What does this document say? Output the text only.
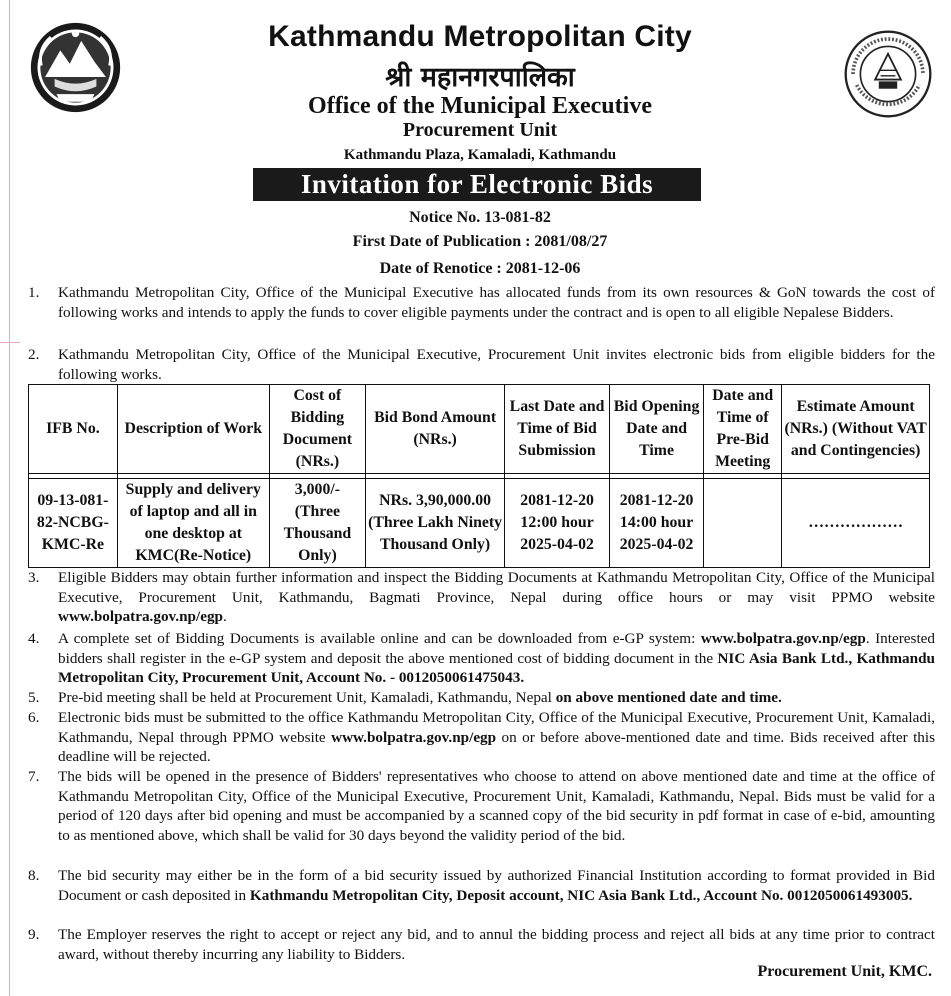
Kathmandu Metropolitan City
श्री महानगरपालिका
Office of the Municipal Executive
Procurement Unit
Kathmandu Plaza, Kamaladi, Kathmandu
Invitation for Electronic Bids
Notice No. 13-081-82
First Date of Publication : 2081/08/27
Date of Renotice : 2081-12-06
1. Kathmandu Metropolitan City, Office of the Municipal Executive has allocated funds from its own resources & GoN towards the cost of following works and intends to apply the funds to cover eligible payments under the contract and is open to all eligible Nepalese Bidders.
2. Kathmandu Metropolitan City, Office of the Municipal Executive, Procurement Unit invites electronic bids from eligible bidders for the following works.
IFB No.	Description of Work	Cost of Bidding Document (NRs.)	Bid Bond Amount (NRs.)	Last Date and Time of Bid Submission	Bid Opening Date and Time	Date and Time of Pre-Bid Meeting	Estimate Amount (NRs.) (Without VAT and Contingencies)

09-13-081-82-NCBG-KMC-Re	Supply and delivery of laptop and all in one desktop at KMC(Re-Notice)	3,000/- (Three Thousand Only)	NRs. 3,90,000.00 (Three Lakh Ninety Thousand Only)	2081-12-20 12:00 hour 2025-04-02	2081-12-20 14:00 hour 2025-04-02		………………
3. Eligible Bidders may obtain further information and inspect the Bidding Documents at Kathmandu Metropolitan City, Office of the Municipal Executive, Procurement Unit, Kathmandu, Bagmati Province, Nepal during office hours or may visit PPMO website www.bolpatra.gov.np/egp.
4. A complete set of Bidding Documents is available online and can be downloaded from e-GP system: www.bolpatra.gov.np/egp. Interested bidders shall register in the e-GP system and deposit the above mentioned cost of bidding document in the NIC Asia Bank Ltd., Kathmandu Metropolitan City, Procurement Unit, Account No. - 0012050061475043.
5. Pre-bid meeting shall be held at Procurement Unit, Kamaladi, Kathmandu, Nepal on above mentioned date and time.
6. Electronic bids must be submitted to the office Kathmandu Metropolitan City, Office of the Municipal Executive, Procurement Unit, Kamaladi, Kathmandu, Nepal through PPMO website www.bolpatra.gov.np/egp on or before above-mentioned date and time. Bids received after this deadline will be rejected.
7. The bids will be opened in the presence of Bidders' representatives who choose to attend on above mentioned date and time at the office of Kathmandu Metropolitan City, Office of the Municipal Executive, Procurement Unit, Kamaladi, Kathmandu, Nepal. Bids must be valid for a period of 120 days after bid opening and must be accompanied by a scanned copy of the bid security in pdf format in case of e-bid, amounting to as mentioned above, which shall be valid for 30 days beyond the validity period of the bid.
8. The bid security may either be in the form of a bid security issued by authorized Financial Institution according to format provided in Bid Document or cash deposited in Kathmandu Metropolitan City, Deposit account, NIC Asia Bank Ltd., Account No. 0012050061493005.
9. The Employer reserves the right to accept or reject any bid, and to annul the bidding process and reject all bids at any time prior to contract award, without thereby incurring any liability to Bidders.
Procurement Unit, KMC.
